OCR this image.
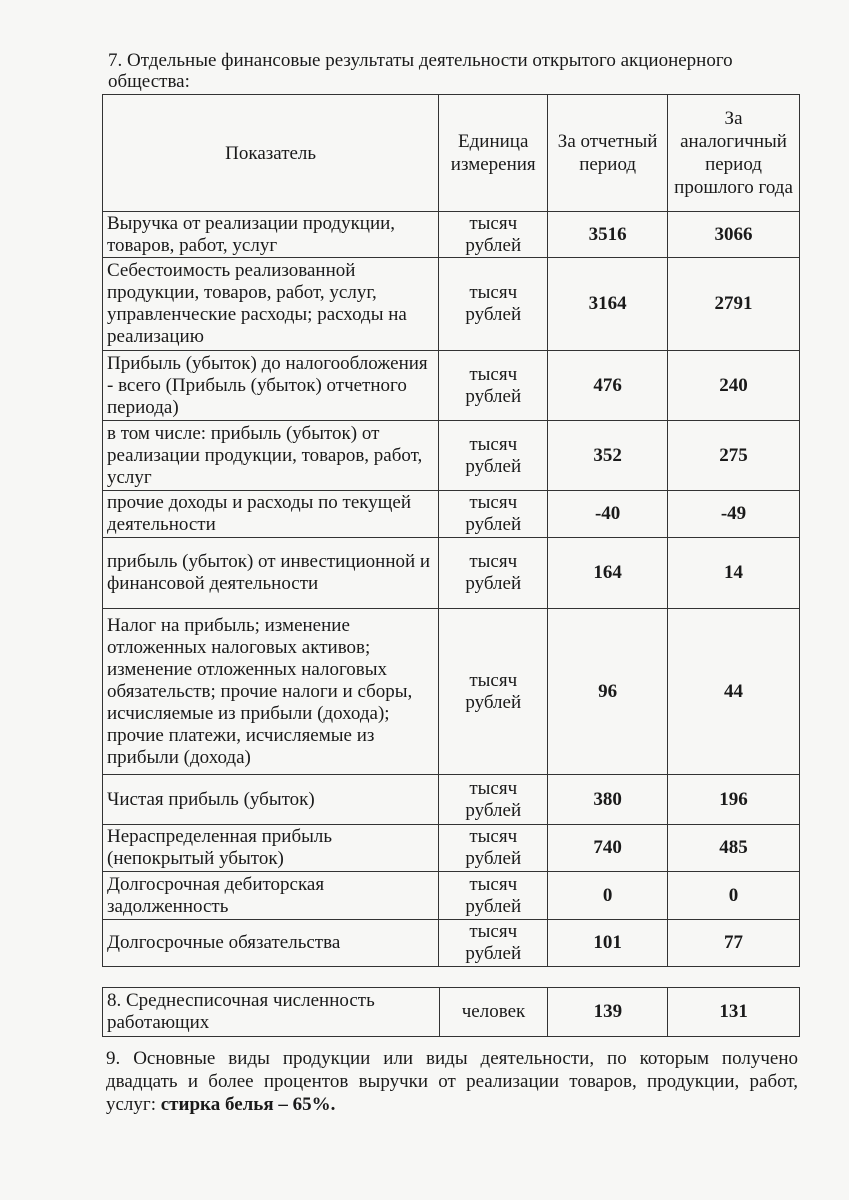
7. Отдельные финансовые результаты деятельности открытого акционерного общества:
Показатель	Единица измерения	За отчетный период	За аналогичный период прошлого года
Выручка от реализации продукции, товаров, работ, услуг	тысяч рублей	3516	3066
Себестоимость реализованной продукции, товаров, работ, услуг, управленческие расходы; расходы на реализацию	тысяч рублей	3164	2791
Прибыль (убыток) до налогообложения - всего (Прибыль (убыток) отчетного периода)	тысяч рублей	476	240
в том числе: прибыль (убыток) от реализации продукции, товаров, работ, услуг	тысяч рублей	352	275
прочие доходы и расходы по текущей деятельности	тысяч рублей	-40	-49
прибыль (убыток) от инвестиционной и финансовой деятельности	тысяч рублей	164	14
Налог на прибыль; изменение отложенных налоговых активов; изменение отложенных налоговых обязательств; прочие налоги и сборы, исчисляемые из прибыли (дохода); прочие платежи, исчисляемые из прибыли (дохода)	тысяч рублей	96	44
Чистая прибыль (убыток)	тысяч рублей	380	196
Нераспределенная прибыль (непокрытый убыток)	тысяч рублей	740	485
Долгосрочная дебиторская задолженность	тысяч рублей	0	0
Долгосрочные обязательства	тысяч рублей	101	77
8. Среднесписочная численность работающих	человек	139	131
9. Основные виды продукции или виды деятельности, по которым получено двадцать и более процентов выручки от реализации товаров, продукции, работ, услуг: стирка белья – 65%.
